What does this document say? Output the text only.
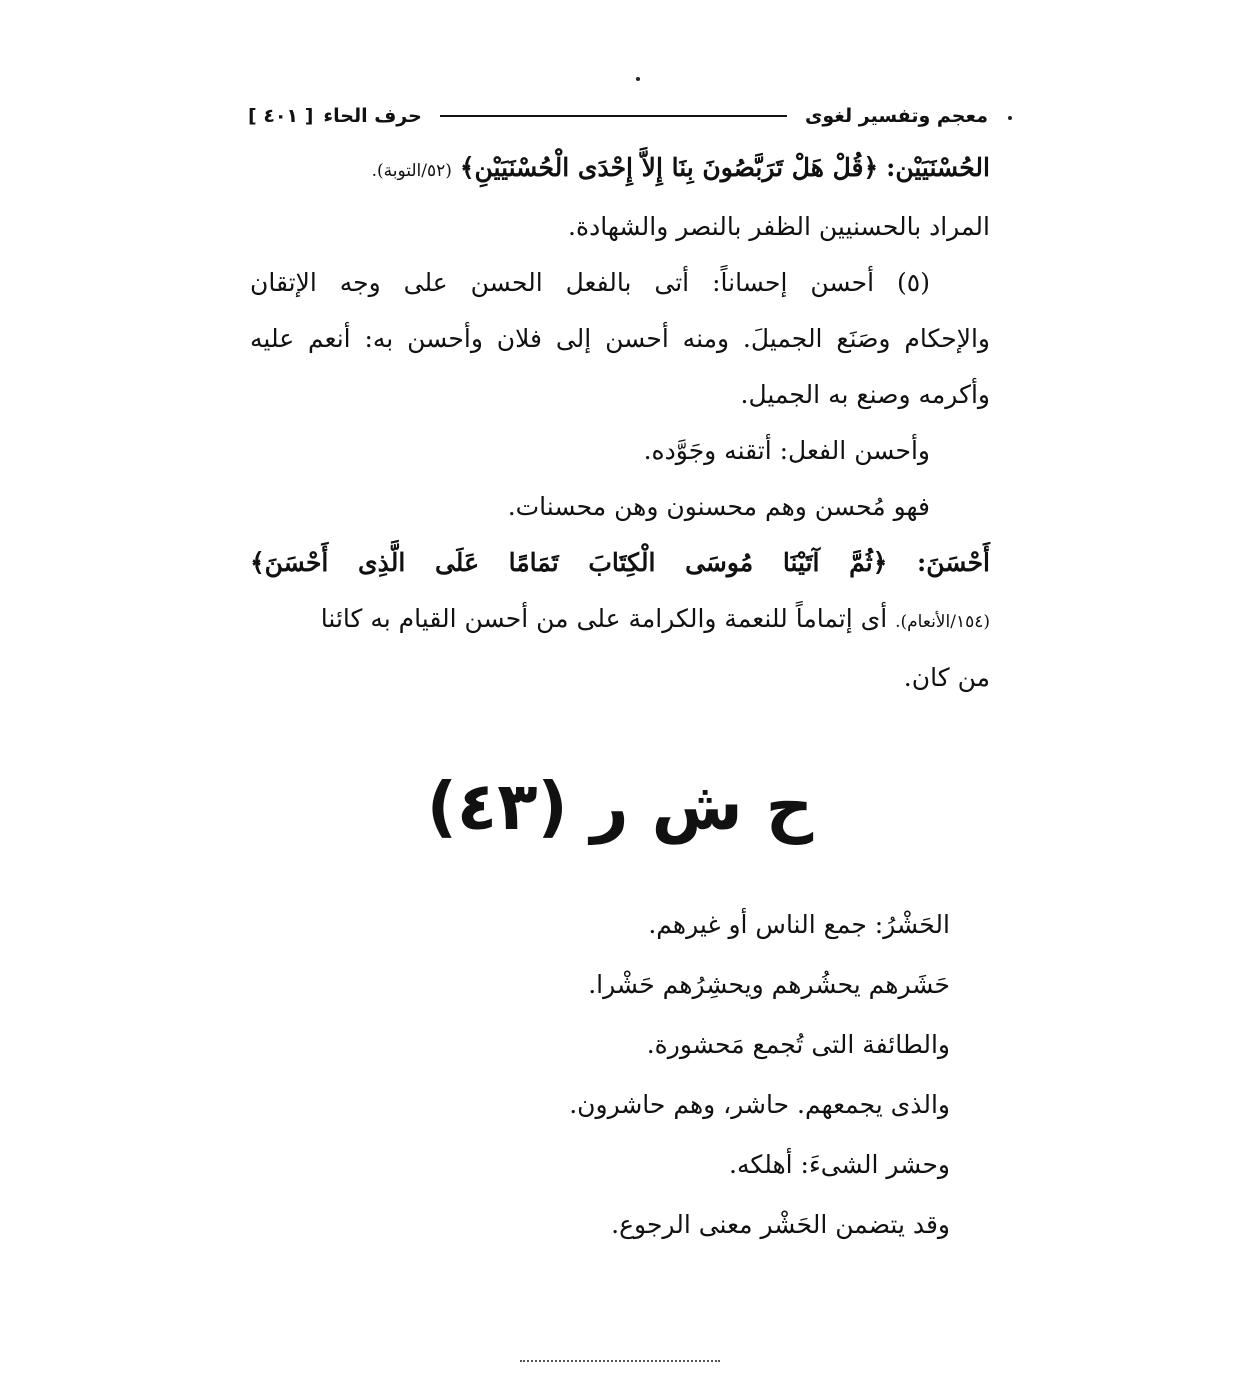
معجم وتفسير لغوى
حرف الحاء
[ ٤٠١ ]
الحُسْنَيَيْن: ﴿قُلْ هَلْ تَرَبَّصُونَ بِنَا إِلاَّ إِحْدَى الْحُسْنَيَيْنِ﴾ (٥٢/التوبة).
المراد بالحسنيين الظفر بالنصر والشهادة.
(٥) أحسن إحساناً: أتى بالفعل الحسن على وجه الإتقان
والإحكام وصَنَع الجميلَ. ومنه أحسن إلى فلان وأحسن به: أنعم عليه
وأكرمه وصنع به الجميل.
وأحسن الفعل: أتقنه وجَوَّده.
فهو مُحسن وهم محسنون وهن محسنات.
أَحْسَنَ: ﴿ثُمَّ آتَيْنَا مُوسَى الْكِتَابَ تَمَامًا عَلَى الَّذِى أَحْسَنَ﴾
(١٥٤/الأنعام). أى إتماماً للنعمة والكرامة على من أحسن القيام به كائنا
من كان.
ح ش ر (٤٣)
الحَشْرُ: جمع الناس أو غيرهم.
حَشَرهم يحشُرهم ويحشِرُهم حَشْرا.
والطائفة التى تُجمع مَحشورة.
والذى يجمعهم. حاشر، وهم حاشرون.
وحشر الشىءَ: أهلكه.
وقد يتضمن الحَشْر معنى الرجوع.
